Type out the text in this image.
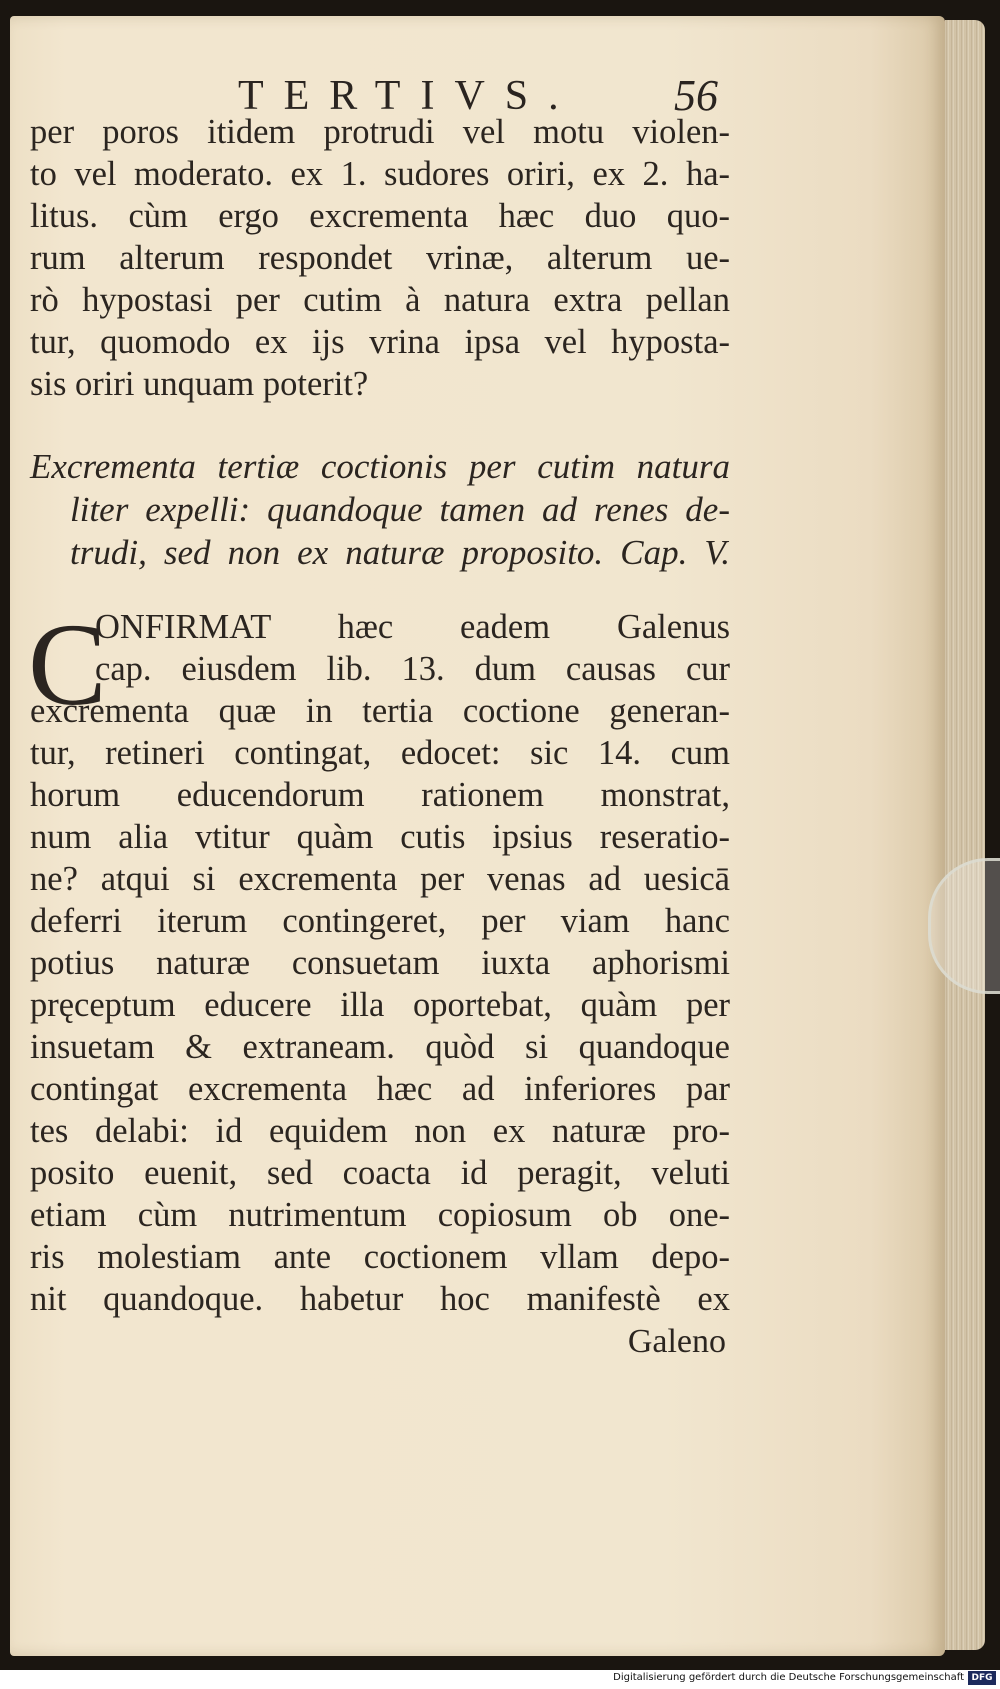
TERTIVS. 56
per poros itidem protrudi vel motu violen-
to vel moderato. ex 1. sudores oriri, ex 2. ha-
litus. cùm ergo excrementa hæc duo quo-
rum alterum respondet vrinæ, alterum ue-
rò hypostasi per cutim à natura extra pellan
tur, quomodo ex ijs vrina ipsa vel hyposta-
sis oriri unquam poterit?
Excrementa tertiæ coctionis per cutim natura
liter expelli: quandoque tamen ad renes de-
trudi, sed non ex naturæ proposito. Cap. V.
C
ONFIRMAT hæc eadem Galenus
cap. eiusdem lib. 13. dum causas cur
excrementa quæ in tertia coctione generan-
tur, retineri contingat, edocet: sic 14. cum
horum educendorum rationem monstrat,
num alia vtitur quàm cutis ipsius reseratio-
ne? atqui si excrementa per venas ad uesicā
deferri iterum contingeret, per viam hanc
potius naturæ consuetam iuxta aphorismi
pręceptum educere illa oportebat, quàm per
insuetam & extraneam. quòd si quandoque
contingat excrementa hæc ad inferiores par
tes delabi: id equidem non ex naturæ pro-
posito euenit, sed coacta id peragit, veluti
etiam cùm nutrimentum copiosum ob one-
ris molestiam ante coctionem vllam depo-
nit quandoque. habetur hoc manifestè ex
Galeno
Digitalisierung gefördert durch die Deutsche Forschungsgemeinschaft DFG
